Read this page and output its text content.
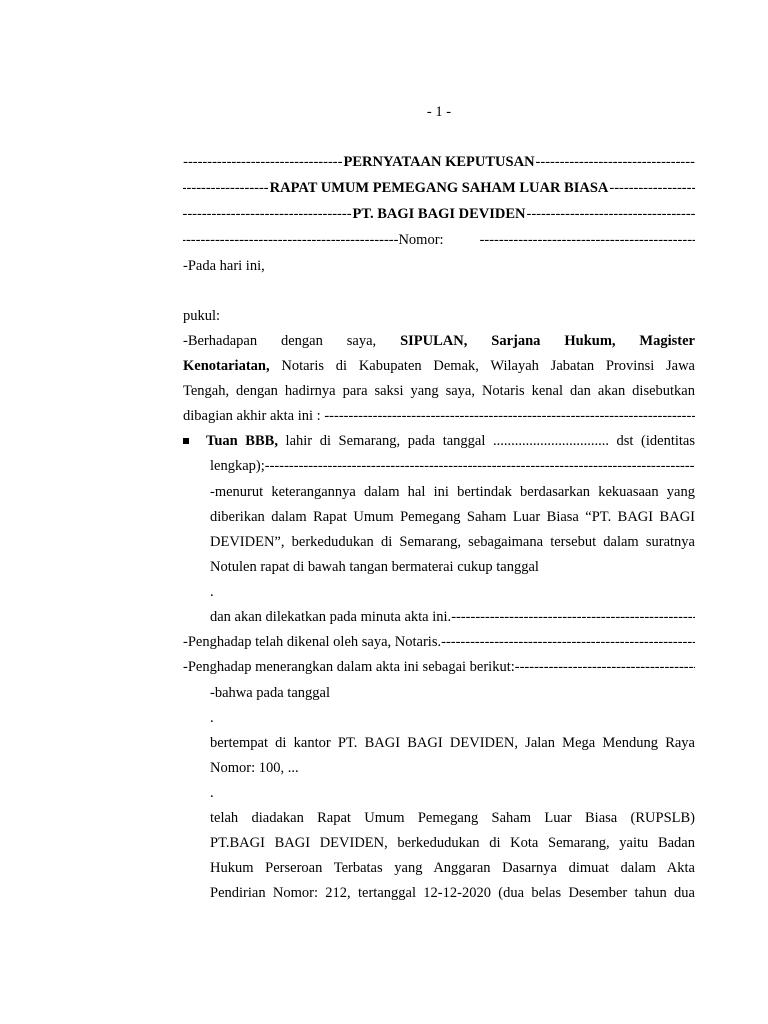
- 1 -
-----
PERNYATAAN KEPUTUSAN
-----
-----
RAPAT UMUM PEMEGANG SAHAM LUAR BIASA
-----
-----
PT. BAGI BAGI DEVIDEN
-----
-----
Nomor:
-----
-Pada hari ini,
pukul:
-Berhadapan dengan saya, SIPULAN, Sarjana Hukum, Magister
Kenotariatan, Notaris di Kabupaten Demak, Wilayah Jabatan Provinsi Jawa
Tengah, dengan hadirnya para saksi yang saya, Notaris kenal dan akan disebutkan
dibagian akhir akta ini :
-----
Tuan BBB, lahir di Semarang, pada tanggal ................................ dst (identitas
lengkap);
-----
-menurut keterangannya dalam hal ini bertindak berdasarkan kekuasaan yang
diberikan dalam Rapat Umum Pemegang Saham Luar Biasa “PT. BAGI BAGI
DEVIDEN”, berkedudukan di Semarang, sebagaimana tersebut dalam suratnya
Notulen rapat di bawah tangan bermaterai cukup tanggal
.
dan akan dilekatkan pada minuta akta ini.
-----
-Penghadap telah dikenal oleh saya, Notaris.
-----
-Penghadap menerangkan dalam akta ini sebagai berikut:
-----
-bahwa pada tanggal
.
bertempat di kantor PT. BAGI BAGI DEVIDEN, Jalan Mega Mendung Raya
Nomor: 100, ...
.
telah diadakan Rapat Umum Pemegang Saham Luar Biasa (RUPSLB)
PT.BAGI BAGI DEVIDEN, berkedudukan di Kota Semarang, yaitu Badan
Hukum Perseroan Terbatas yang Anggaran Dasarnya dimuat dalam Akta
Pendirian Nomor: 212, tertanggal 12-12-2020 (dua belas Desember tahun dua
